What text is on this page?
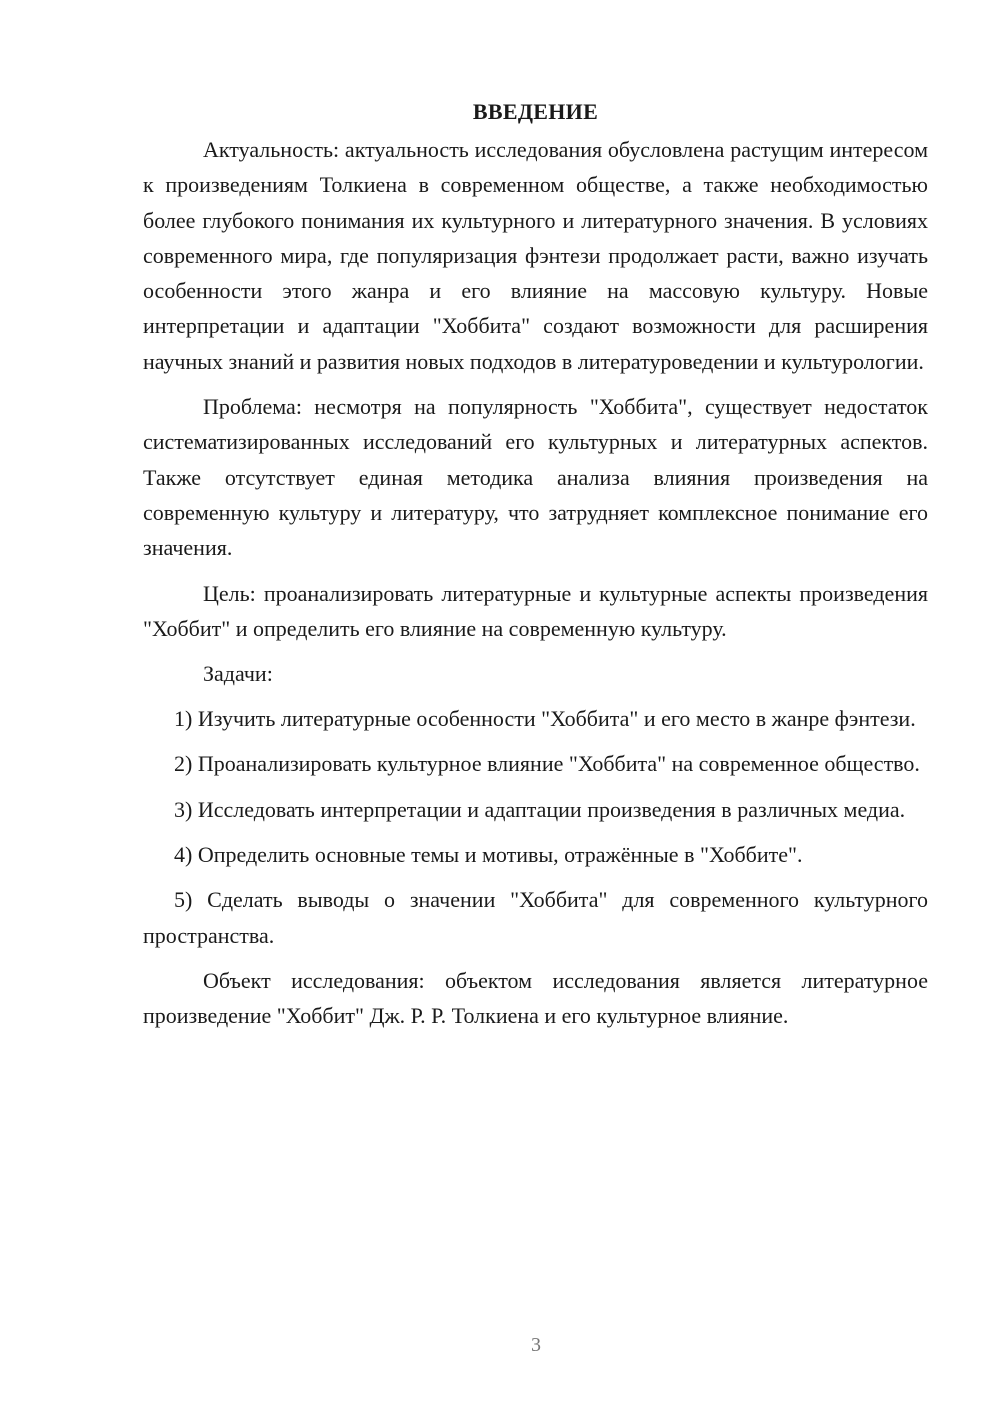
ВВЕДЕНИЕ

Актуальность: актуальность исследования обусловлена растущим интересом к произведениям Толкиена в современном обществе, а также необходимостью более глубокого понимания их культурного и литературного значения. В условиях современного мира, где популяризация фэнтези продолжает расти, важно изучать особенности этого жанра и его влияние на массовую культуру. Новые интерпретации и адаптации "Хоббита" создают возможности для расширения научных знаний и развития новых подходов в литературоведении и культурологии.

Проблема: несмотря на популярность "Хоббита", существует недостаток систематизированных исследований его культурных и литературных аспектов. Также отсутствует единая методика анализа влияния произведения на современную культуру и литературу, что затрудняет комплексное понимание его значения.

Цель: проанализировать литературные и культурные аспекты произведения "Хоббит" и определить его влияние на современную культуру.

Задачи:

1) Изучить литературные особенности "Хоббита" и его место в жанре фэнтези.

2) Проанализировать культурное влияние "Хоббита" на современное общество.

3) Исследовать интерпретации и адаптации произведения в различных медиа.

4) Определить основные темы и мотивы, отражённые в "Хоббите".

5) Сделать выводы о значении "Хоббита" для современного культурного пространства.

Объект исследования: объектом исследования является литературное произведение "Хоббит" Дж. Р. Р. Толкиена и его культурное влияние.

3
